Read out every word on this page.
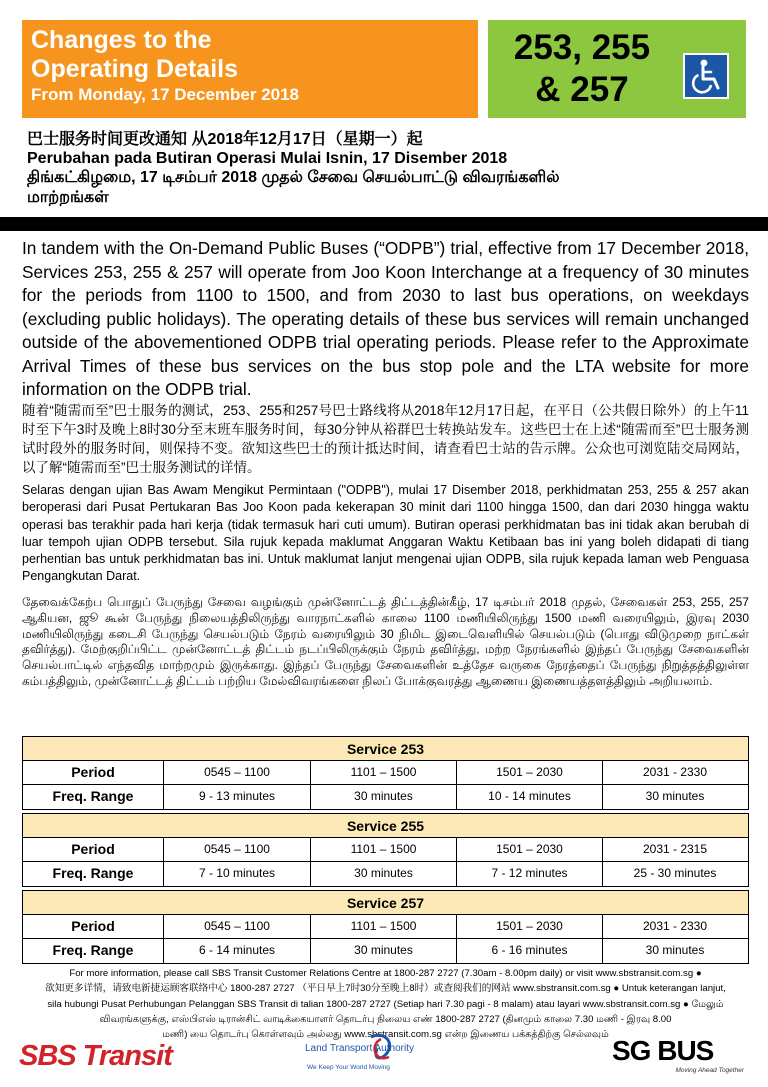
Changes to the
Operating Details
From Monday, 17 December 2018
253, 255
& 257
巴士服务时间更改通知 从2018年12月17日（星期一）起
Perubahan pada Butiran Operasi Mulai Isnin, 17 Disember 2018
திங்கட்கிழமை, 17 டிசம்பர் 2018 முதல் சேவை செயல்பாட்டு விவரங்களில்
மாற்றங்கள்

In tandem with the On-Demand Public Buses (“ODPB”) trial, effective from 17 December 2018, Services 253, 255 & 257 will operate from Joo Koon Interchange at a frequency of 30 minutes for the periods from 1100 to 1500, and from 2030 to last bus operations, on weekdays (excluding public holidays). The operating details of these bus services will remain unchanged outside of the abovementioned ODPB trial operating periods. Please refer to the Approximate Arrival Times of these bus services on the bus stop pole and the LTA website for more information on the ODPB trial.

随着“随需而至”巴士服务的测试，253、255和257号巴士路线将从2018年12月17日起，在平日（公共假日除外）的上午11时至下午3时及晚上8时30分至末班车服务时间，每30分钟从裕群巴士转换站发车。这些巴士在上述“随需而至”巴士服务测试时段外的服务时间，则保持不变。欲知这些巴士的预计抵达时间，请查看巴士站的告示牌。公众也可浏览陆交局网站，以了解“随需而至”巴士服务测试的详情。

Selaras dengan ujian Bas Awam Mengikut Permintaan ("ODPB"), mulai 17 Disember 2018, perkhidmatan 253, 255 & 257 akan beroperasi dari Pusat Pertukaran Bas Joo Koon pada kekerapan 30 minit dari 1100 hingga 1500, dan dari 2030 hingga waktu operasi bas terakhir pada hari kerja (tidak termasuk hari cuti umum). Butiran operasi perkhidmatan bas ini tidak akan berubah di luar tempoh ujian ODPB tersebut. Sila rujuk kepada maklumat Anggaran Waktu Ketibaan bas ini yang boleh didapati di tiang perhentian bas untuk perkhidmatan bas ini. Untuk maklumat lanjut mengenai ujian ODPB, sila rujuk kepada laman web Penguasa Pengangkutan Darat.

தேவைக்கேற்ப பொதுப் பேருந்து சேவை வழங்கும் முன்னோட்டத் திட்டத்தின்கீழ், 17 டிசம்பர் 2018 முதல், சேவைகள் 253, 255, 257 ஆகியன, ஜூ கூன் பேருந்து நிலையத்திலிருந்து வாரநாட்களில் காலை 1100 மணியிலிருந்து 1500 மணி வரையிலும், இரவு 2030 மணியிலிருந்து கடைசி பேருந்து செயல்படும் நேரம் வரையிலும் 30 நிமிட இடைவெளியில் செயல்படும் (பொது விடுமுறை நாட்கள் தவிர்த்து). மேற்குறிப்பிட்ட முன்னோட்டத் திட்டம் நடப்பிலிருக்கும் நேரம் தவிர்த்து, மற்ற நேரங்களில் இந்தப் பேருந்து சேவைகளின் செயல்பாட்டில் எந்தவித மாற்றமும் இருக்காது. இந்தப் பேருந்து சேவைகளின் உத்தேச வருகை நேரத்தைப் பேருந்து நிறுத்தத்திலுள்ள கம்பத்திலும், முன்னோட்டத் திட்டம் பற்றிய மேல்விவரங்களை நிலப் போக்குவரத்து ஆணைய இணையத்தளத்திலும் அறியலாம்.

Service 253
Period	0545 – 1100	1101 – 1500	1501 – 2030	2031 - 2330
Freq. Range	9 - 13 minutes	30 minutes	10 - 14 minutes	30 minutes
Service 255
Period	0545 – 1100	1101 – 1500	1501 – 2030	2031 - 2315
Freq. Range	7 - 10 minutes	30 minutes	7 - 12 minutes	25 - 30 minutes
Service 257
Period	0545 – 1100	1101 – 1500	1501 – 2030	2031 - 2330
Freq. Range	6 - 14 minutes	30 minutes	6 - 16 minutes	30 minutes
For more information, please call SBS Transit Customer Relations Centre at 1800-287 2727 (7.30am - 8.00pm daily) or visit www.sbstransit.com.sg ●
欲知更多详情，请致电新捷运顾客联络中心 1800-287 2727 （平日早上7时30分至晚上8时）或查阅我们的网站 www.sbstransit.com.sg ● Untuk keterangan lanjut,
sila hubungi Pusat Perhubungan Pelanggan SBS Transit di talian 1800-287 2727 (Setiap hari 7.30 pagi - 8 malam) atau layari www.sbstransit.com.sg ● மேலும்
விவரங்களுக்கு, எஸ்பிஎஸ் டிரான்சிட் வாடிக்கையாளர் தொடர்பு நிலைய எண் 1800-287 2727 (தினமும் காலை 7.30 மணி - இரவு 8.00
மணி) யை தொடர்பு கொள்ளவும் அல்லது www.sbstransit.com.sg என்ற இணைய பக்கத்திற்கு செல்லவும்
SBS Transit	Land Transport Authority
We Keep Your World Moving
SG BUS
Moving Ahead Together
